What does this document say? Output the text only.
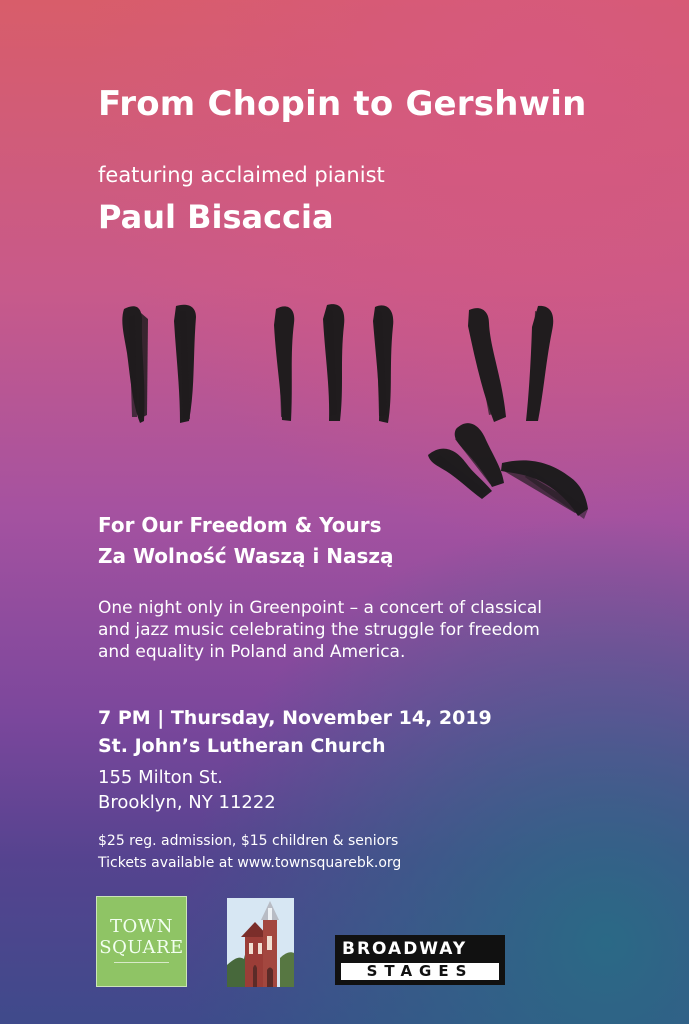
From Chopin to Gershwin
featuring acclaimed pianist
Paul Bisaccia
For Our Freedom & Yours
Za Wolność Waszą i Naszą
One night only in Greenpoint – a concert of classical
and jazz music celebrating the struggle for freedom
and equality in Poland and America.
7 PM | Thursday, November 14, 2019
St. John’s Lutheran Church
155 Milton St.
Brooklyn, NY 11222
$25 reg. admission, $15 children & seniors
Tickets available at www.townsquarebk.org
TOWN
SQUARE	BROADWAY
STAGES
